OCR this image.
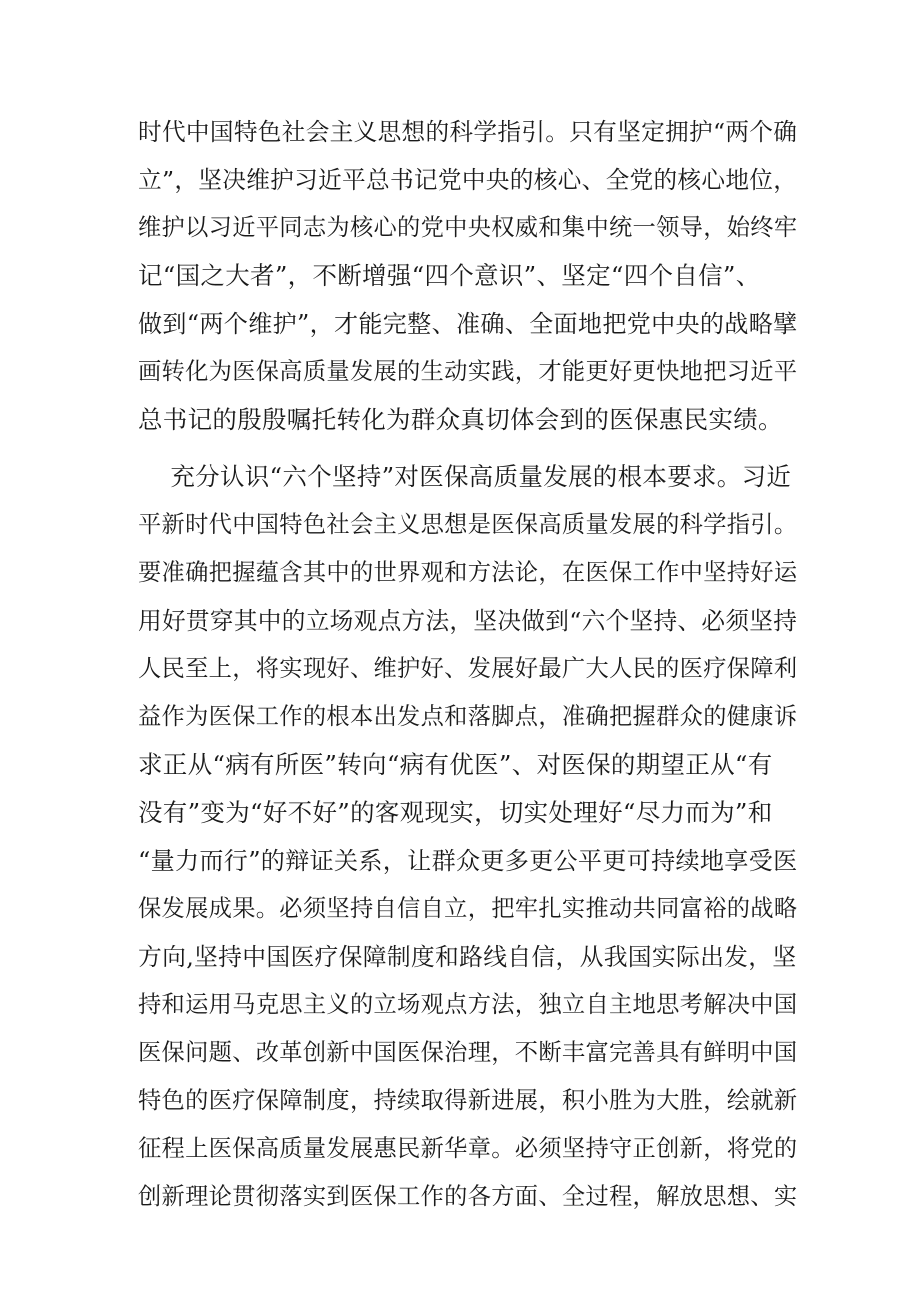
时代中国特色社会主义思想的科学指引。只有坚定拥护“两个确
立”，坚决维护习近平总书记党中央的核心、全党的核心地位，
维护以习近平同志为核心的党中央权威和集中统一领导，始终牢
记“国之大者”，不断增强“四个意识”、坚定“四个自信”、
做到“两个维护”，才能完整、准确、全面地把党中央的战略擘
画转化为医保高质量发展的生动实践，才能更好更快地把习近平
总书记的殷殷嘱托转化为群众真切体会到的医保惠民实绩。
充分认识“六个坚持”对医保高质量发展的根本要求。习近
平新时代中国特色社会主义思想是医保高质量发展的科学指引。
要准确把握蕴含其中的世界观和方法论，在医保工作中坚持好运
用好贯穿其中的立场观点方法，坚决做到“六个坚持、必须坚持
人民至上，将实现好、维护好、发展好最广大人民的医疗保障利
益作为医保工作的根本出发点和落脚点，准确把握群众的健康诉
求正从“病有所医”转向“病有优医”、对医保的期望正从“有
没有”变为“好不好”的客观现实，切实处理好“尽力而为”和
“量力而行”的辩证关系，让群众更多更公平更可持续地享受医
保发展成果。必须坚持自信自立，把牢扎实推动共同富裕的战略
方向,坚持中国医疗保障制度和路线自信，从我国实际出发，坚
持和运用马克思主义的立场观点方法，独立自主地思考解决中国
医保问题、改革创新中国医保治理，不断丰富完善具有鲜明中国
特色的医疗保障制度，持续取得新进展，积小胜为大胜，绘就新
征程上医保高质量发展惠民新华章。必须坚持守正创新，将党的
创新理论贯彻落实到医保工作的各方面、全过程，解放思想、实
